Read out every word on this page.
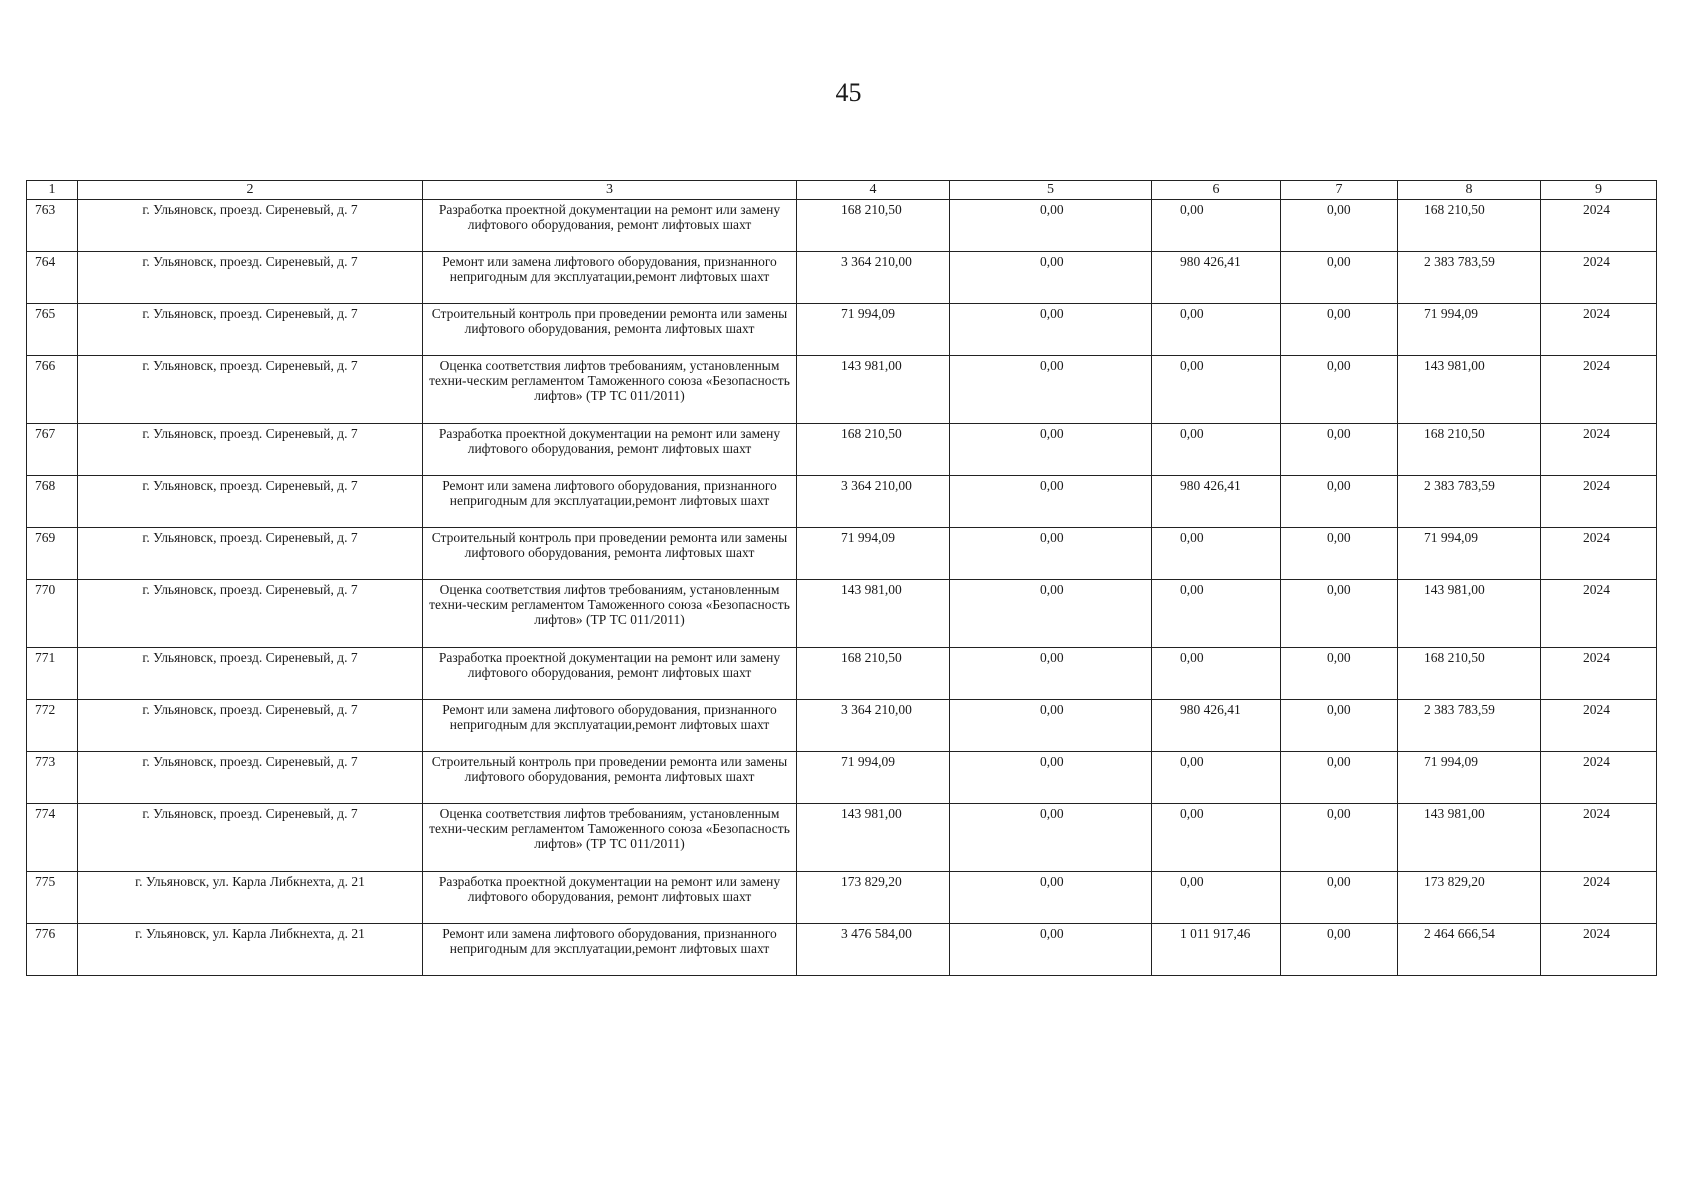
45
1	2	3	4	5	6	7	8	9
763	г. Ульяновск, проезд. Сиреневый, д. 7	Разработка проектной документации на ремонт или замену лифтового оборудования, ремонт лифтовых шахт	168 210,50	0,00	0,00	0,00	168 210,50	2024
764	г. Ульяновск, проезд. Сиреневый, д. 7	Ремонт или замена лифтового оборудования, признанного непригодным для эксплуатации,ремонт лифтовых шахт	3 364 210,00	0,00	980 426,41	0,00	2 383 783,59	2024
765	г. Ульяновск, проезд. Сиреневый, д. 7	Строительный контроль при проведении ремонта или замены лифтового оборудования, ремонта лифтовых шахт	71 994,09	0,00	0,00	0,00	71 994,09	2024
766	г. Ульяновск, проезд. Сиреневый, д. 7	Оценка соответствия лифтов требованиям, установленным техни-ческим регламентом Таможенного союза «Безопасность лифтов» (ТР ТС 011/2011)	143 981,00	0,00	0,00	0,00	143 981,00	2024
767	г. Ульяновск, проезд. Сиреневый, д. 7	Разработка проектной документации на ремонт или замену лифтового оборудования, ремонт лифтовых шахт	168 210,50	0,00	0,00	0,00	168 210,50	2024
768	г. Ульяновск, проезд. Сиреневый, д. 7	Ремонт или замена лифтового оборудования, признанного непригодным для эксплуатации,ремонт лифтовых шахт	3 364 210,00	0,00	980 426,41	0,00	2 383 783,59	2024
769	г. Ульяновск, проезд. Сиреневый, д. 7	Строительный контроль при проведении ремонта или замены лифтового оборудования, ремонта лифтовых шахт	71 994,09	0,00	0,00	0,00	71 994,09	2024
770	г. Ульяновск, проезд. Сиреневый, д. 7	Оценка соответствия лифтов требованиям, установленным техни-ческим регламентом Таможенного союза «Безопасность лифтов» (ТР ТС 011/2011)	143 981,00	0,00	0,00	0,00	143 981,00	2024
771	г. Ульяновск, проезд. Сиреневый, д. 7	Разработка проектной документации на ремонт или замену лифтового оборудования, ремонт лифтовых шахт	168 210,50	0,00	0,00	0,00	168 210,50	2024
772	г. Ульяновск, проезд. Сиреневый, д. 7	Ремонт или замена лифтового оборудования, признанного непригодным для эксплуатации,ремонт лифтовых шахт	3 364 210,00	0,00	980 426,41	0,00	2 383 783,59	2024
773	г. Ульяновск, проезд. Сиреневый, д. 7	Строительный контроль при проведении ремонта или замены лифтового оборудования, ремонта лифтовых шахт	71 994,09	0,00	0,00	0,00	71 994,09	2024
774	г. Ульяновск, проезд. Сиреневый, д. 7	Оценка соответствия лифтов требованиям, установленным техни-ческим регламентом Таможенного союза «Безопасность лифтов» (ТР ТС 011/2011)	143 981,00	0,00	0,00	0,00	143 981,00	2024
775	г. Ульяновск, ул. Карла Либкнехта, д. 21	Разработка проектной документации на ремонт или замену лифтового оборудования, ремонт лифтовых шахт	173 829,20	0,00	0,00	0,00	173 829,20	2024
776	г. Ульяновск, ул. Карла Либкнехта, д. 21	Ремонт или замена лифтового оборудования, признанного непригодным для эксплуатации,ремонт лифтовых шахт	3 476 584,00	0,00	1 011 917,46	0,00	2 464 666,54	2024
